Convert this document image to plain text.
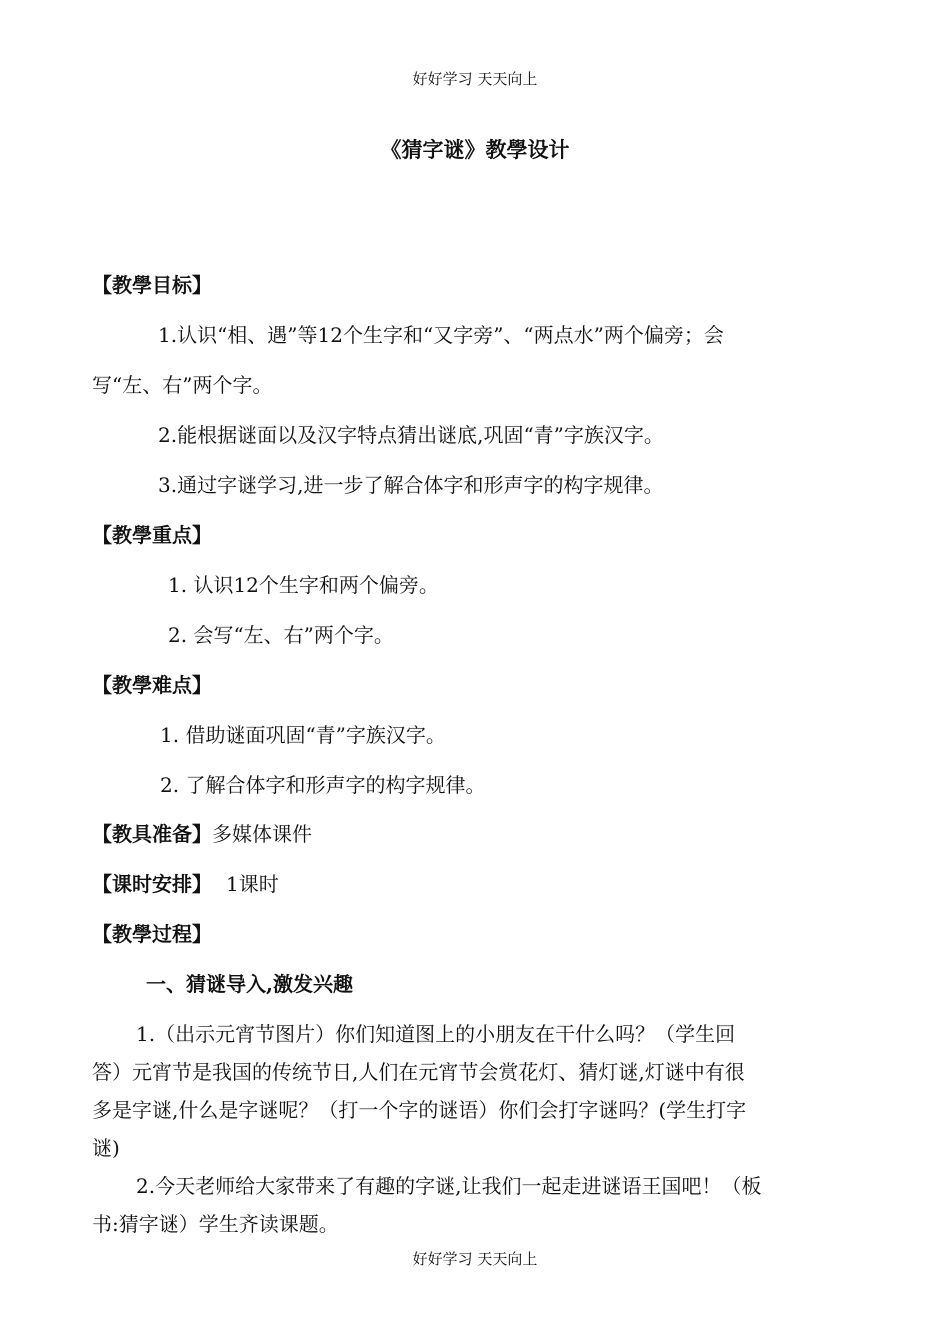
好好学习 天天向上
《猜字谜》教學设计
【教學目标】
1.认识“相、遇”等12个生字和“又字旁”、“两点水”两个偏旁；会
写“左、右”两个字。
2.能根据谜面以及汉字特点猜出谜底,巩固“青”字族汉字。
3.通过字谜学习,进一步了解合体字和形声字的构字规律。
【教學重点】
1. 认识12个生字和两个偏旁。
2. 会写“左、右”两个字。
【教學难点】
1. 借助谜面巩固“青”字族汉字。
2. 了解合体字和形声字的构字规律。
【教具准备】多媒体课件
【课时安排】 1课时
【教學过程】
一、猜谜导入,激发兴趣
1.（出示元宵节图片）你们知道图上的小朋友在干什么吗？（学生回
答）元宵节是我国的传统节日,人们在元宵节会赏花灯、猜灯谜,灯谜中有很
多是字谜,什么是字谜呢？（打一个字的谜语）你们会打字谜吗？(学生打字
谜)
2.今天老师给大家带来了有趣的字谜,让我们一起走进谜语王国吧！（板
书:猜字谜）学生齐读课题。
好好学习 天天向上
